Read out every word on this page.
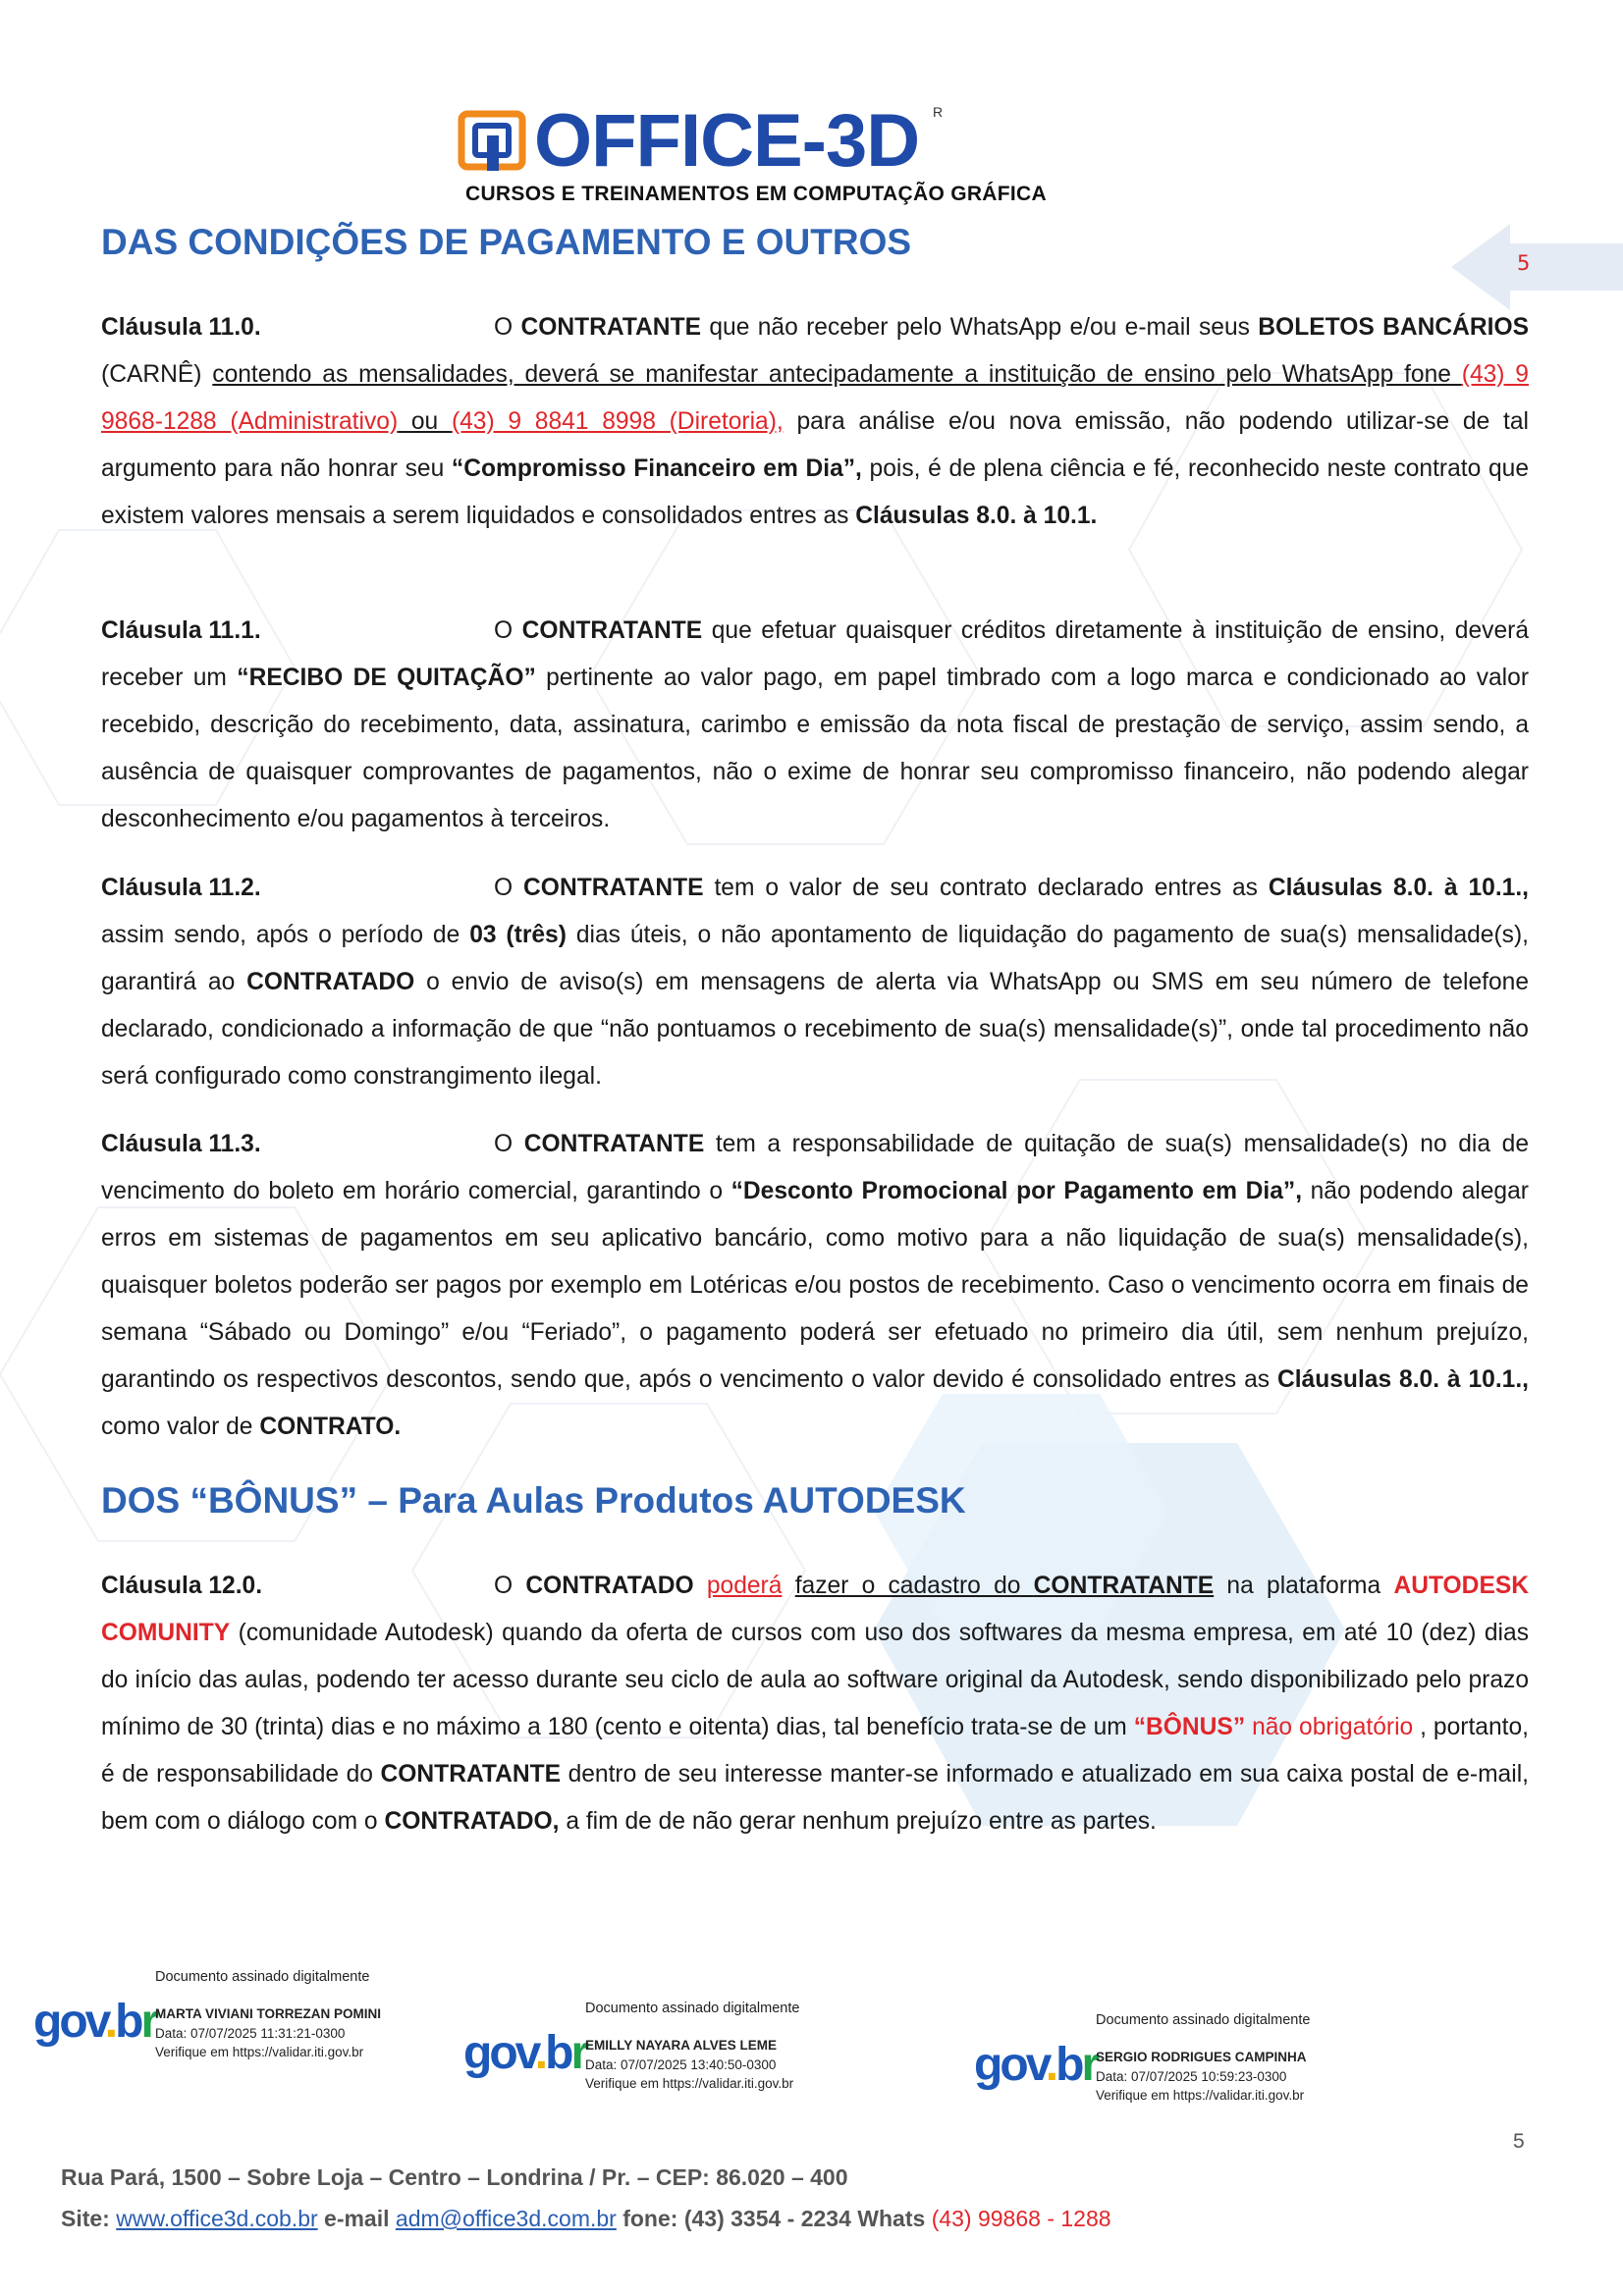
OFFICE-3D R
CURSOS E TREINAMENTOS EM COMPUTAÇÃO GRÁFICA
5
DAS CONDIÇÕES DE PAGAMENTO E OUTROS

Cláusula 11.0.	O CONTRATANTE que não receber pelo WhatsApp e/ou e-mail seus BOLETOS BANCÁRIOS (CARNÊ) contendo as mensalidades, deverá se manifestar antecipadamente a instituição de ensino pelo WhatsApp fone (43) 9 9868-1288 (Administrativo) ou (43) 9 8841 8998 (Diretoria), para análise e/ou nova emissão, não podendo utilizar-se de tal argumento para não honrar seu “Compromisso Financeiro em Dia”, pois, é de plena ciência e fé, reconhecido neste contrato que existem valores mensais a serem liquidados e consolidados entres as Cláusulas 8.0. à 10.1.

Cláusula 11.1.	O CONTRATANTE que efetuar quaisquer créditos diretamente à instituição de ensino, deverá receber um “RECIBO DE QUITAÇÃO” pertinente ao valor pago, em papel timbrado com a logo marca e condicionado ao valor recebido, descrição do recebimento, data, assinatura, carimbo e emissão da nota fiscal de prestação de serviço, assim sendo, a ausência de quaisquer comprovantes de pagamentos, não o exime de honrar seu compromisso financeiro, não podendo alegar desconhecimento e/ou pagamentos à terceiros.

Cláusula 11.2.	O CONTRATANTE tem o valor de seu contrato declarado entres as Cláusulas 8.0. à 10.1., assim sendo, após o período de 03 (três) dias úteis, o não apontamento de liquidação do pagamento de sua(s) mensalidade(s), garantirá ao CONTRATADO o envio de aviso(s) em mensagens de alerta via WhatsApp ou SMS em seu número de telefone declarado, condicionado a informação de que “não pontuamos o recebimento de sua(s) mensalidade(s)”, onde tal procedimento não será configurado como constrangimento ilegal.

Cláusula 11.3.	O CONTRATANTE tem a responsabilidade de quitação de sua(s) mensalidade(s) no dia de vencimento do boleto em horário comercial, garantindo o “Desconto Promocional por Pagamento em Dia”, não podendo alegar erros em sistemas de pagamentos em seu aplicativo bancário, como motivo para a não liquidação de sua(s) mensalidade(s), quaisquer boletos poderão ser pagos por exemplo em Lotéricas e/ou postos de recebimento. Caso o vencimento ocorra em finais de semana “Sábado ou Domingo” e/ou “Feriado”, o pagamento poderá ser efetuado no primeiro dia útil, sem nenhum prejuízo, garantindo os respectivos descontos, sendo que, após o vencimento o valor devido é consolidado entres as Cláusulas 8.0. à 10.1., como valor de CONTRATO.

DOS “BÔNUS” – Para Aulas Produtos AUTODESK

Cláusula 12.0.	O CONTRATADO poderá fazer o cadastro do CONTRATANTE na plataforma AUTODESK COMUNITY (comunidade Autodesk) quando da oferta de cursos com uso dos softwares da mesma empresa, em até 10 (dez) dias do início das aulas, podendo ter acesso durante seu ciclo de aula ao software original da Autodesk, sendo disponibilizado pelo prazo mínimo de 30 (trinta) dias e no máximo a 180 (cento e oitenta) dias, tal benefício trata-se de um “BÔNUS” não obrigatório , portanto, é de responsabilidade do CONTRATANTE dentro de seu interesse manter-se informado e atualizado em sua caixa postal de e-mail, bem com o diálogo com o CONTRATADO, a fim de de não gerar nenhum prejuízo entre as partes.

Documento assinado digitalmente
gov.br
MARTA VIVIANI TORREZAN POMINI
Data: 07/07/2025 11:31:21-0300
Verifique em https://validar.iti.gov.br
Documento assinado digitalmente
gov.br
EMILLY NAYARA ALVES LEME
Data: 07/07/2025 13:40:50-0300
Verifique em https://validar.iti.gov.br
Documento assinado digitalmente
gov.br
SERGIO RODRIGUES CAMPINHA
Data: 07/07/2025 10:59:23-0300
Verifique em https://validar.iti.gov.br
5
Rua Pará, 1500 – Sobre Loja – Centro – Londrina / Pr. – CEP: 86.020 – 400
Site: www.office3d.cob.br e-mail adm@office3d.com.br fone: (43) 3354 - 2234 Whats (43) 99868 - 1288
